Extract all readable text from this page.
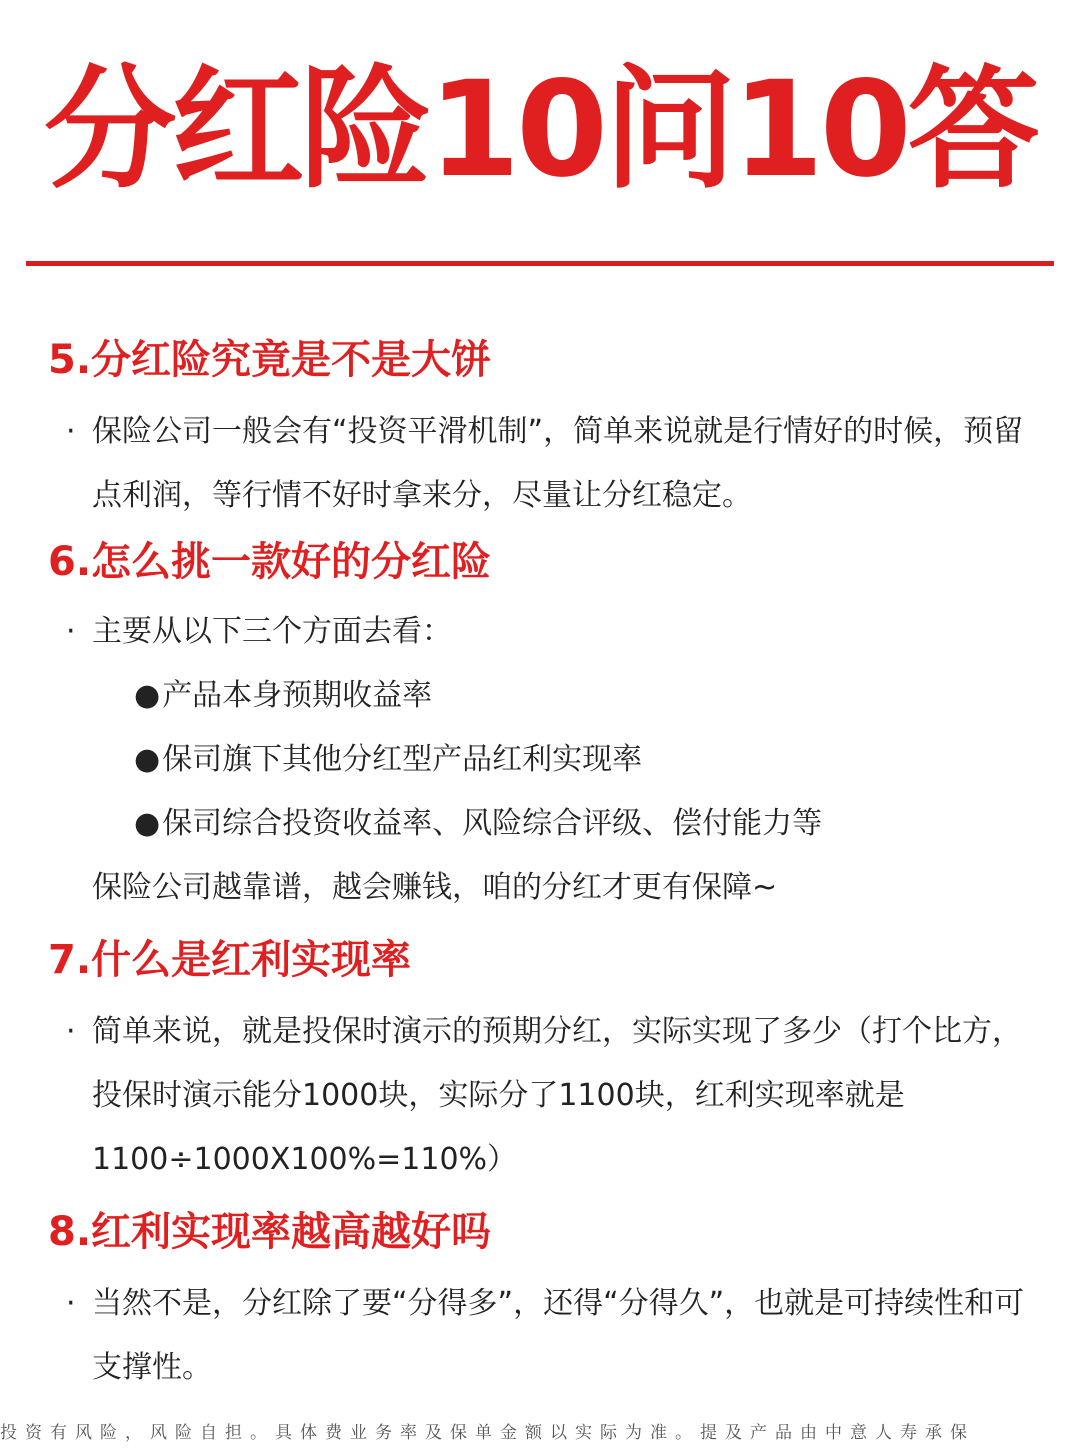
分红险10问10答
5.分红险究竟是不是大饼

· 保险公司一般会有“投资平滑机制”，简单来说就是行情好的时候，预留点利润，等行情不好时拿来分，尽量让分红稳定。

6.怎么挑一款好的分红险

· 主要从以下三个方面去看：

●产品本身预期收益率

●保司旗下其他分红型产品红利实现率

●保司综合投资收益率、风险综合评级、偿付能力等

保险公司越靠谱，越会赚钱，咱的分红才更有保障~

7.什么是红利实现率

· 简单来说，就是投保时演示的预期分红，实际实现了多少（打个比方，投保时演示能分1000块，实际分了1100块，红利实现率就是1100÷1000X100%=110%）

8.红利实现率越高越好吗

· 当然不是，分红除了要“分得多”，还得“分得久”，也就是可持续性和可支撑性。

投资有风险，风险自担。具体费业务率及保单金额以实际为准。提及产品由中意人寿承保
